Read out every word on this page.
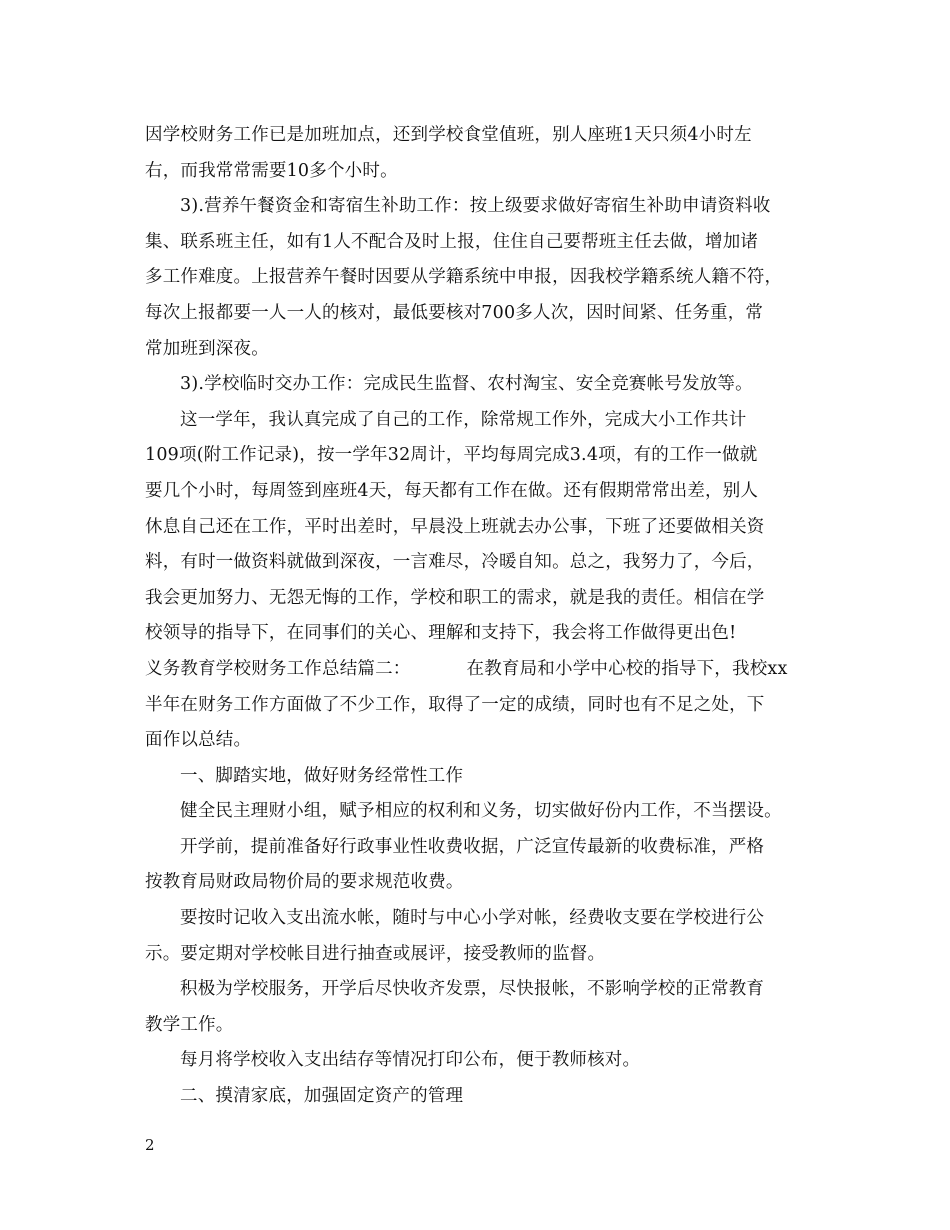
因学校财务工作已是加班加点，还到学校食堂值班，别人座班1天只须4小时左
右，而我常常需要10多个小时。
3).营养午餐资金和寄宿生补助工作：按上级要求做好寄宿生补助申请资料收
集、联系班主任，如有1人不配合及时上报，住住自己要帮班主任去做，增加诸
多工作难度。上报营养午餐时因要从学籍系统中申报，因我校学籍系统人籍不符，
每次上报都要一人一人的核对，最低要核对700多人次，因时间紧、任务重，常
常加班到深夜。
3).学校临时交办工作：完成民生监督、农村淘宝、安全竞赛帐号发放等。
这一学年，我认真完成了自己的工作，除常规工作外，完成大小工作共计
109项(附工作记录)，按一学年32周计，平均每周完成3.4项，有的工作一做就
要几个小时，每周签到座班4天，每天都有工作在做。还有假期常常出差，别人
休息自己还在工作，平时出差时，早晨没上班就去办公事，下班了还要做相关资
料，有时一做资料就做到深夜，一言难尽，冷暖自知。总之，我努力了，今后，
我会更加努力、无怨无悔的工作，学校和职工的需求，就是我的责任。相信在学
校领导的指导下，在同事们的关心、理解和支持下，我会将工作做得更出色!
义务教育学校财务工作总结篇二：	在教育局和小学中心校的指导下，我校xx
半年在财务工作方面做了不少工作，取得了一定的成绩，同时也有不足之处，下
面作以总结。
一、脚踏实地，做好财务经常性工作
健全民主理财小组，赋予相应的权利和义务，切实做好份内工作，不当摆设。
开学前，提前准备好行政事业性收费收据，广泛宣传最新的收费标准，严格
按教育局财政局物价局的要求规范收费。
要按时记收入支出流水帐，随时与中心小学对帐，经费收支要在学校进行公
示。要定期对学校帐目进行抽查或展评，接受教师的监督。
积极为学校服务，开学后尽快收齐发票，尽快报帐，不影响学校的正常教育
教学工作。
每月将学校收入支出结存等情况打印公布，便于教师核对。
二、摸清家底，加强固定资产的管理
2
